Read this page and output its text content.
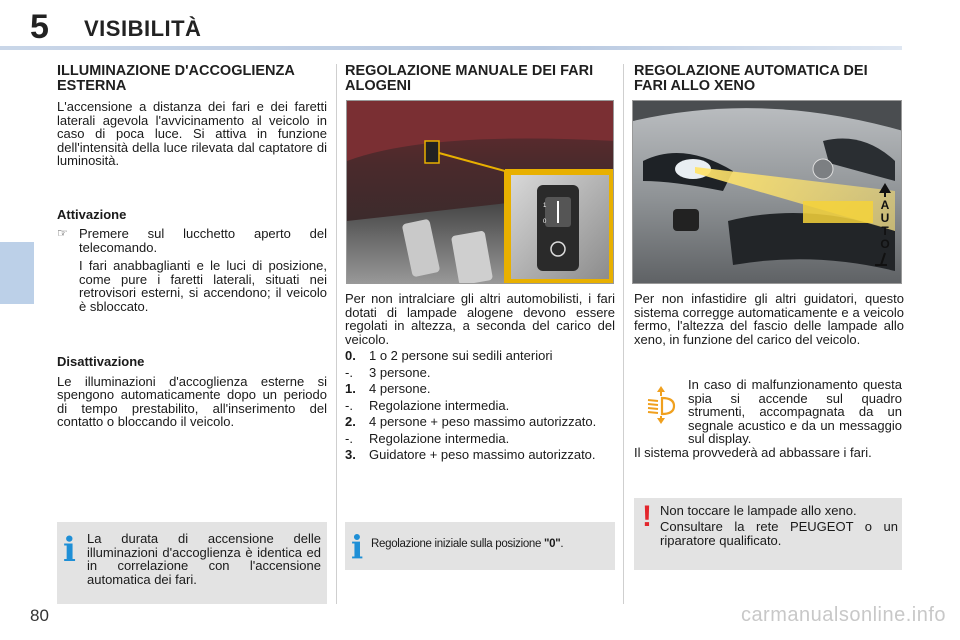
5 VISIBILITÀ
ILLUMINAZIONE D'ACCOGLIENZA ESTERNA

L'accensione a distanza dei fari e dei faretti laterali agevola l'avvicinamento al veicolo in caso di poca luce. Si attiva in funzione dell'intensità della luce rilevata dal captatore di luminosità.

Attivazione
☞ Premere sul lucchetto aperto del telecomando.
I fari anabbaglianti e le luci di posizione, come pure i faretti laterali, situati nei retrovisori esterni, si accendono; il veicolo è sbloccato.
Disattivazione

Le illuminazioni d'accoglienza esterne si spengono automaticamente dopo un periodo di tempo prestabilito, all'inserimento del contatto o bloccando il veicolo.

i La durata di accensione delle illuminazioni d'accoglienza è identica ed in correlazione con l'accensione automatica dei fari.
REGOLAZIONE MANUALE DEI FARI ALOGENI
1
0

Per non intralciare gli altri automobilisti, i fari dotati di lampade alogene devono essere regolati in altezza, a seconda del carico del veicolo.

0.	1 o 2 persone sui sedili anteriori
-.	3 persone.
1.	4 persone.
-.	Regolazione intermedia.
2.	4 persone + peso massimo autorizzato.
-.	Regolazione intermedia.
3.	Guidatore + peso massimo autorizzato.
i Regolazione iniziale sulla posizione "0".
REGOLAZIONE AUTOMATICA DEI FARI ALLO XENO
A
U
T
O

Per non infastidire gli altri guidatori, questo sistema corregge automaticamente e a veicolo fermo, l'altezza del fascio delle lampade allo xeno, in funzione del carico del veicolo.

In caso di malfunzionamento questa spia si accende sul quadro strumenti, accompagnata da un segnale acustico e da un messaggio sul display.
Il sistema provvederà ad abbassare i fari.
! Non toccare le lampade allo xeno.
Consultare la rete PEUGEOT o un riparatore qualificato.
80	carmanualsonline.info
